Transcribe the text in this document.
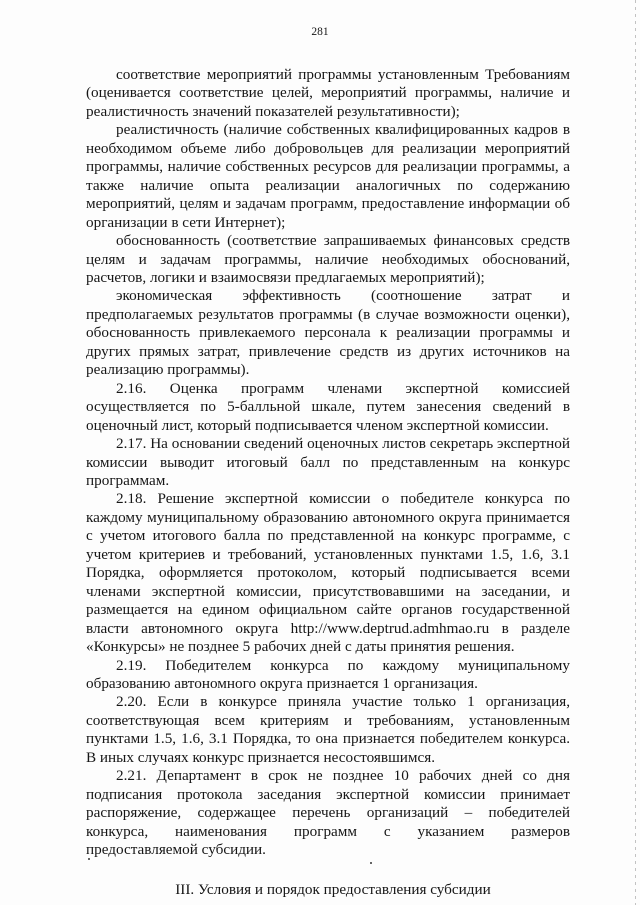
281

соответствие мероприятий программы установленным Требованиям (оценивается соответствие целей, мероприятий программы, наличие и реалистичность значений показателей результативности);

реалистичность (наличие собственных квалифицированных кадров в необходимом объеме либо добровольцев для реализации мероприятий программы, наличие собственных ресурсов для реализации программы, а также наличие опыта реализации аналогичных по содержанию мероприятий, целям и задачам программ, предоставление информации об организации в сети Интернет);

обоснованность (соответствие запрашиваемых финансовых средств целям и задачам программы, наличие необходимых обоснований, расчетов, логики и взаимосвязи предлагаемых мероприятий);

экономическая эффективность (соотношение затрат и предполагаемых результатов программы (в случае возможности оценки), обоснованность привлекаемого персонала к реализации программы и других прямых затрат, привлечение средств из других источников на реализацию программы).

2.16. Оценка программ членами экспертной комиссией осуществляется по 5-балльной шкале, путем занесения сведений в оценочный лист, который подписывается членом экспертной комиссии.

2.17. На основании сведений оценочных листов секретарь экспертной комиссии выводит итоговый балл по представленным на конкурс программам.

2.18. Решение экспертной комиссии о победителе конкурса по каждому муниципальному образованию автономного округа принимается с учетом итогового балла по представленной на конкурс программе, с учетом критериев и требований, установленных пунктами 1.5, 1.6, 3.1 Порядка, оформляется протоколом, который подписывается всеми членами экспертной комиссии, присутствовавшими на заседании, и размещается на едином официальном сайте органов государственной власти автономного округа http://www.deptrud.admhmao.ru в разделе «Конкурсы» не позднее 5 рабочих дней с даты принятия решения.

2.19. Победителем конкурса по каждому муниципальному образованию автономного округа признается 1 организация.

2.20. Если в конкурсе приняла участие только 1 организация, соответствующая всем критериям и требованиям, установленным пунктами 1.5, 1.6, 3.1 Порядка, то она признается победителем конкурса. В иных случаях конкурс признается несостоявшимся.

2.21. Департамент в срок не позднее 10 рабочих дней со дня подписания протокола заседания экспертной комиссии принимает распоряжение, содержащее перечень организаций – победителей конкурса, наименования программ с указанием размеров предоставляемой субсидии.

III. Условия и порядок предоставления субсидии
